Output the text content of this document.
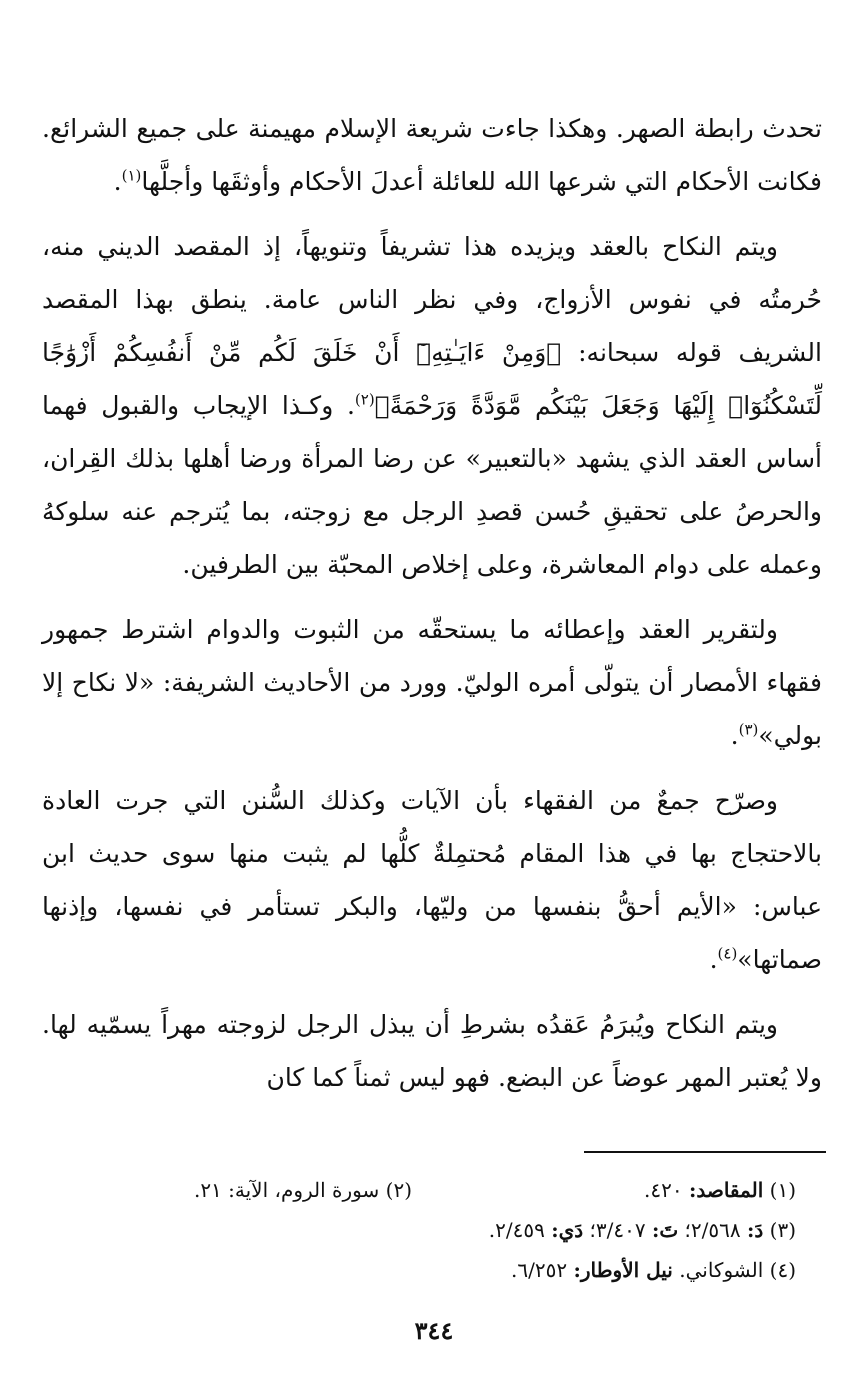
تحدث رابطة الصهر. وهكذا جاءت شريعة الإسلام مهيمنة على جميع الشرائع. فكانت الأحكام التي شرعها الله للعائلة أعدلَ الأحكام وأوثقَها وأجلَّها$^{(١)}$.

ويتم النكاح بالعقد ويزيده هذا تشريفاً وتنويهاً، إذ المقصد الديني منه، حُرمتُه في نفوس الأزواج، وفي نظر الناس عامة. ينطق بهذا المقصد الشريف قوله سبحانه: ﴿وَمِنْ ءَايَـٰتِهِۦٓ أَنْ خَلَقَ لَكُم مِّنْ أَنفُسِكُمْ أَزْوَٰجًا لِّتَسْكُنُوٓا۟ إِلَيْهَا وَجَعَلَ بَيْنَكُم مَّوَدَّةً وَرَحْمَةً﴾$^{(٢)}$. وكـذا الإيجاب والقبول فهما أساس العقد الذي يشهد «بالتعبير» عن رضا المرأة ورضا أهلها بذلك القِران، والحرصُ على تحقيقِ حُسن قصدِ الرجل مع زوجته، بما يُترجم عنه سلوكهُ وعمله على دوام المعاشرة، وعلى إخلاص المحبّة بين الطرفين.

ولتقرير العقد وإعطائه ما يستحقّه من الثبوت والدوام اشترط جمهور فقهاء الأمصار أن يتولّى أمره الوليّ. وورد من الأحاديث الشريفة: «لا نكاح إلا بولي»$^{(٣)}$.

وصرّح جمعٌ من الفقهاء بأن الآيات وكذلك السُّنن التي جرت العادة بالاحتجاج بها في هذا المقام مُحتمِلةٌ كلُّها لم يثبت منها سوى حديث ابن عباس: «الأيم أحقُّ بنفسها من وليّها، والبكر تستأمر في نفسها، وإذنها صماتها»$^{(٤)}$.

ويتم النكاح ويُبرَمُ عَقدُه بشرطِ أن يبذل الرجل لزوجته مهراً يسمّيه لها. ولا يُعتبر المهر عوضاً عن البضع. فهو ليس ثمناً كما كان

(١) المقاصد: ٤٢٠.
(٢) سورة الروم، الآية: ٢١.
(٣) دَ: ٢/٥٦٨؛ تَ: ٣/٤٠٧؛ دَي: ٢/٤٥٩.
(٤) الشوكاني. نيل الأوطار: ٦/٢٥٢.
٣٤٤
